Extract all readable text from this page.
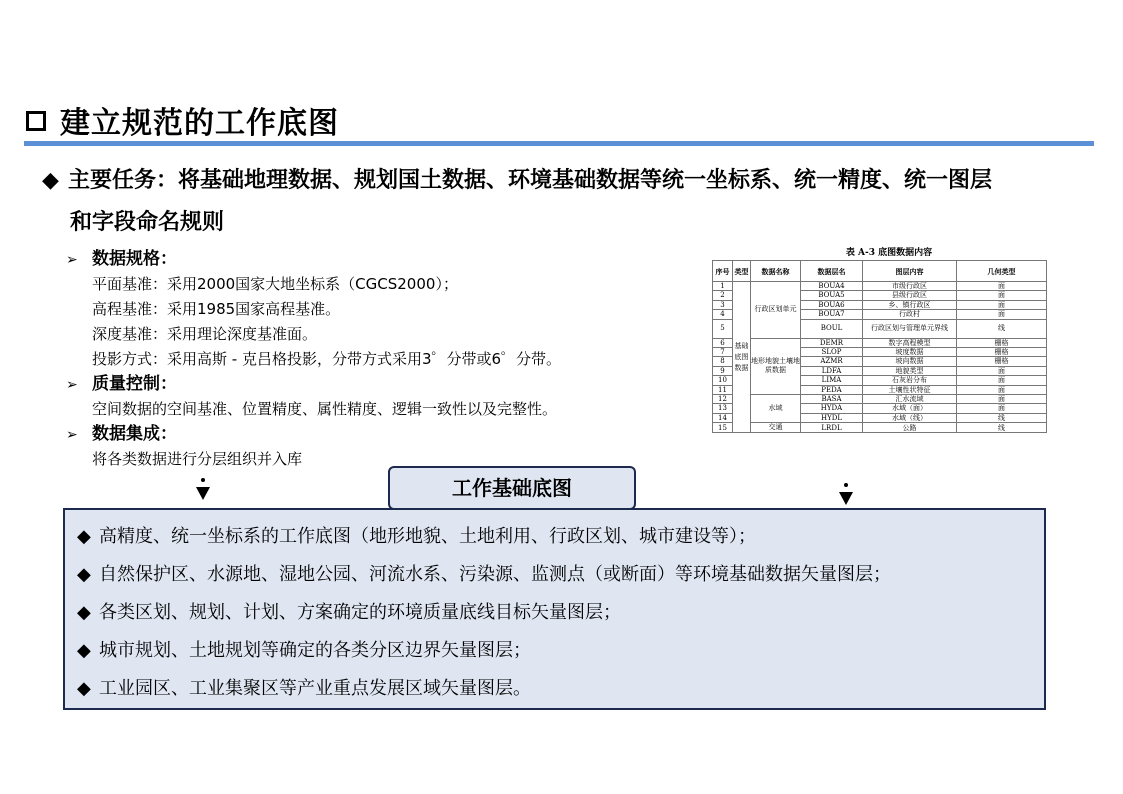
建立规范的工作底图
◆ 主要任务：将基础地理数据、规划国土数据、环境基础数据等统一坐标系、统一精度、统一图层
和字段命名规则
➢ 数据规格：
平面基准：采用2000国家大地坐标系（CGCS2000）；
高程基准：采用1985国家高程基准。
深度基准：采用理论深度基准面。
投影方式：采用高斯 - 克吕格投影，分带方式采用3゜分带或6゜分带。
➢ 质量控制：
空间数据的空间基准、位置精度、属性精度、逻辑一致性以及完整性。
➢ 数据集成：
将各类数据进行分层组织并入库
表 A-3 底图数据内容
序号	类型	数据名称	数据层名	图层内容	几何类型
1	基础底图数据	行政区划单元	BOUA4	市级行政区	面
2			BOUA5	县级行政区	面
3			BOUA6	乡、镇行政区	面
4			BOUA7	行政村	面
5			BOUL	行政区划与管理单元界线	线
6		地形地貌土壤地质数据	DEMR	数字高程模型	栅格
7			SLOP	坡度数据	栅格
8			AZMR	坡向数据	栅格
9			LDFA	地貌类型	面
10			LIMA	石灰岩分布	面
11			PEDA	土壤性状特征	面
12		水域	BASA	汇水流域	面
13			HYDA	水域（面）	面
14			HYDL	水域（线）	线
15		交通	LRDL	公路	线
工作基础底图
◆ 高精度、统一坐标系的工作底图（地形地貌、土地利用、行政区划、城市建设等）；
◆ 自然保护区、水源地、湿地公园、河流水系、污染源、监测点（或断面）等环境基础数据矢量图层；
◆ 各类区划、规划、计划、方案确定的环境质量底线目标矢量图层；
◆ 城市规划、土地规划等确定的各类分区边界矢量图层；
◆ 工业园区、工业集聚区等产业重点发展区域矢量图层。
